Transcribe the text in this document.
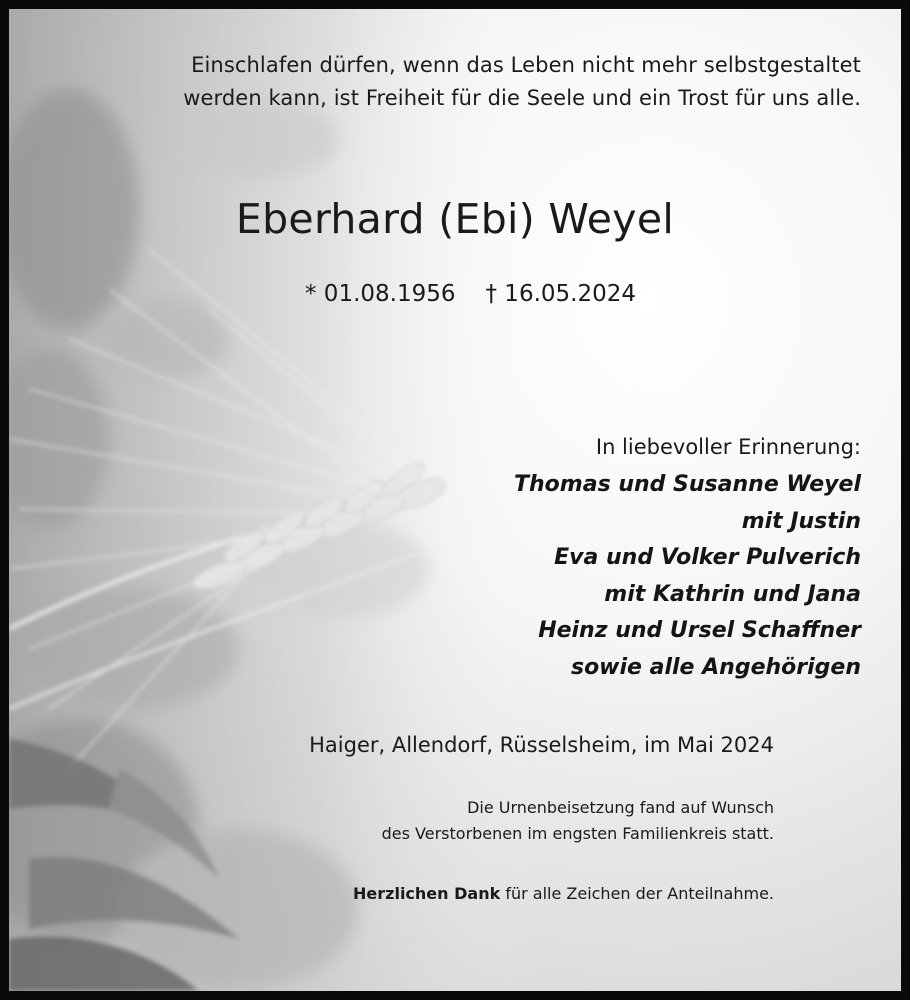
Einschlafen dürfen, wenn das Leben nicht mehr selbstgestaltet
werden kann, ist Freiheit für die Seele und ein Trost für uns alle.
Eberhard (Ebi) Weyel
* 01.08.1956 † 16.05.2024
In liebevoller Erinnerung:
Thomas und Susanne Weyel
mit Justin
Eva und Volker Pulverich
mit Kathrin und Jana
Heinz und Ursel Schaffner
sowie alle Angehörigen
Haiger, Allendorf, Rüsselsheim, im Mai 2024
Die Urnenbeisetzung fand auf Wunsch
des Verstorbenen im engsten Familienkreis statt.
Herzlichen Dank für alle Zeichen der Anteilnahme.
